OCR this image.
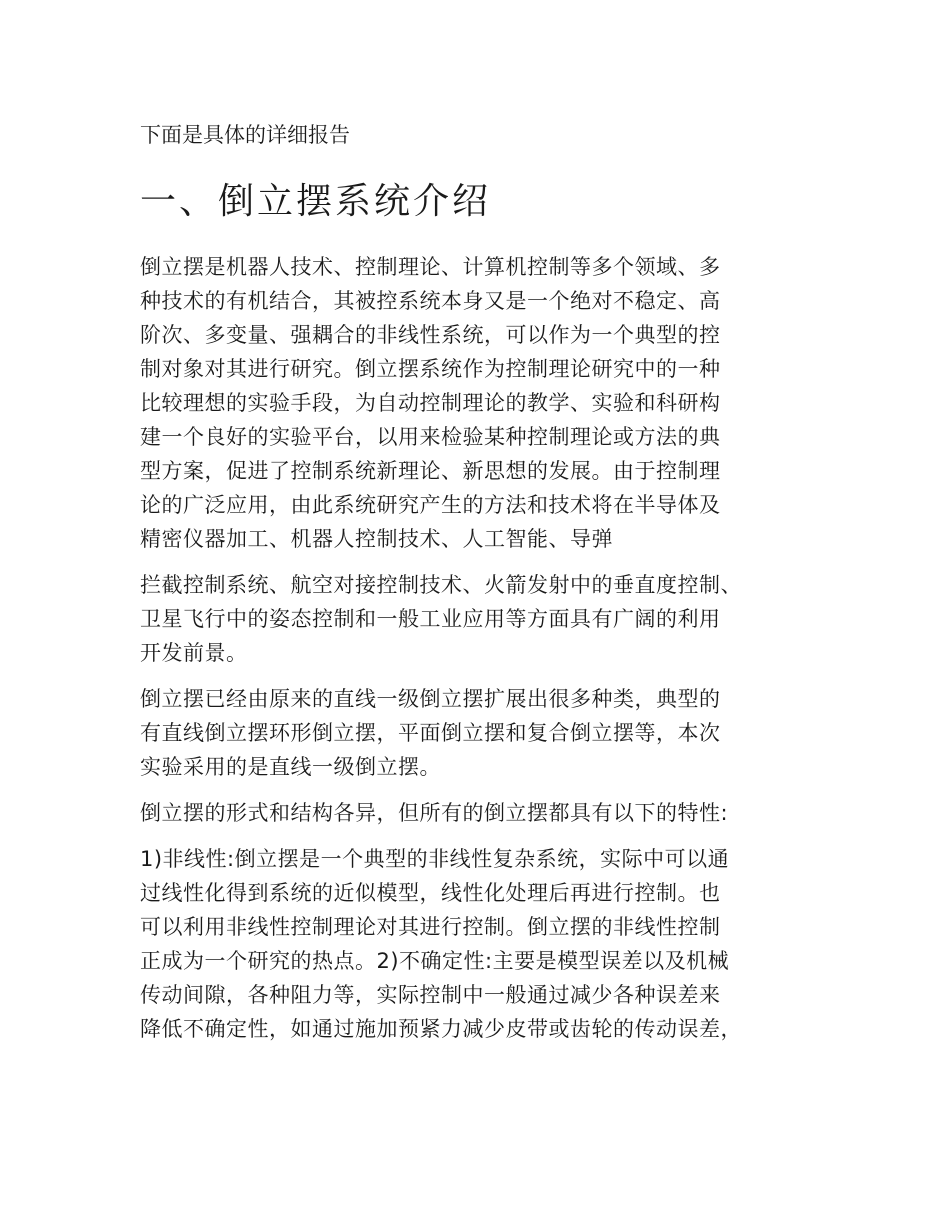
下面是具体的详细报告

一、倒立摆系统介绍
倒立摆是机器人技术、控制理论、计算机控制等多个领域、多
种技术的有机结合，其被控系统本身又是一个绝对不稳定、高
阶次、多变量、强耦合的非线性系统，可以作为一个典型的控
制对象对其进行研究。倒立摆系统作为控制理论研究中的一种
比较理想的实验手段，为自动控制理论的教学、实验和科研构
建一个良好的实验平台，以用来检验某种控制理论或方法的典
型方案，促进了控制系统新理论、新思想的发展。由于控制理
论的广泛应用，由此系统研究产生的方法和技术将在半导体及
精密仪器加工、机器人控制技术、人工智能、导弹
拦截控制系统、航空对接控制技术、火箭发射中的垂直度控制、
卫星飞行中的姿态控制和一般工业应用等方面具有广阔的利用
开发前景。
倒立摆已经由原来的直线一级倒立摆扩展出很多种类，典型的
有直线倒立摆环形倒立摆，平面倒立摆和复合倒立摆等，本次
实验采用的是直线一级倒立摆。
倒立摆的形式和结构各异，但所有的倒立摆都具有以下的特性:
1)非线性:倒立摆是一个典型的非线性复杂系统，实际中可以通
过线性化得到系统的近似模型，线性化处理后再进行控制。也
可以利用非线性控制理论对其进行控制。倒立摆的非线性控制
正成为一个研究的热点。2)不确定性:主要是模型误差以及机械
传动间隙，各种阻力等，实际控制中一般通过减少各种误差来
降低不确定性，如通过施加预紧力减少皮带或齿轮的传动误差，
